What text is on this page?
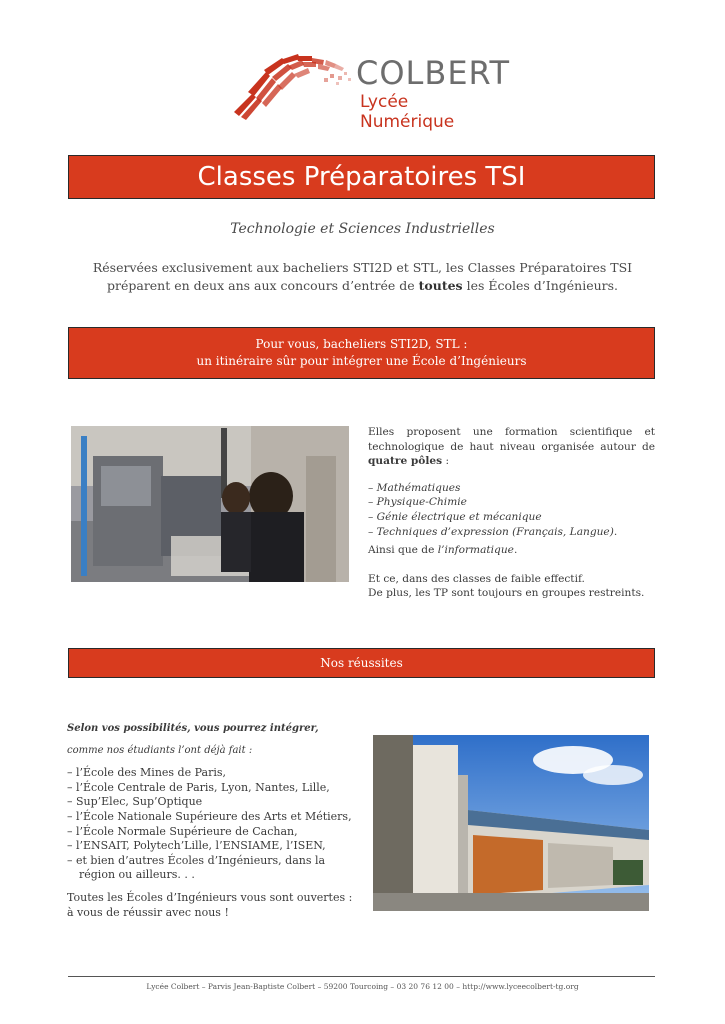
COLBERT
Lycée Numérique
Classes Préparatoires TSI
Technologie et Sciences Industrielles
Réservées exclusivement aux bacheliers STI2D et STL, les Classes Préparatoires TSI préparent en deux ans aux concours d’entrée de toutes les Écoles d’Ingénieurs.
Pour vous, bacheliers STI2D, STL :
un itinéraire sûr pour intégrer une École d’Ingénieurs

Elles proposent une formation scientifique et technologique de haut niveau organisée autour de quatre pôles :

– Mathématiques
– Physique-Chimie
– Génie électrique et mécanique
– Techniques d’expression (Français, Langue).

Ainsi que de l’informatique.

Et ce, dans des classes de faible effectif.

De plus, les TP sont toujours en groupes restreints.

Nos réussites
Selon vos possibilités, vous pourrez intégrer,
comme nos étudiants l’ont déjà fait :
– l’École des Mines de Paris,
– l’École Centrale de Paris, Lyon, Nantes, Lille,
– Sup’Elec, Sup’Optique
– l’École Nationale Supérieure des Arts et Métiers,
– l’École Normale Supérieure de Cachan,
– l’ENSAIT, Polytech’Lille, l’ENSIAME, l’ISEN,
– et bien d’autres Écoles d’Ingénieurs, dans la région ou ailleurs. . .

Toutes les Écoles d’Ingénieurs vous sont ouvertes : à vous de réussir avec nous !

Lycée Colbert – Parvis Jean-Baptiste Colbert – 59200 Tourcoing – 03 20 76 12 00 – http://www.lyceecolbert-tg.org
